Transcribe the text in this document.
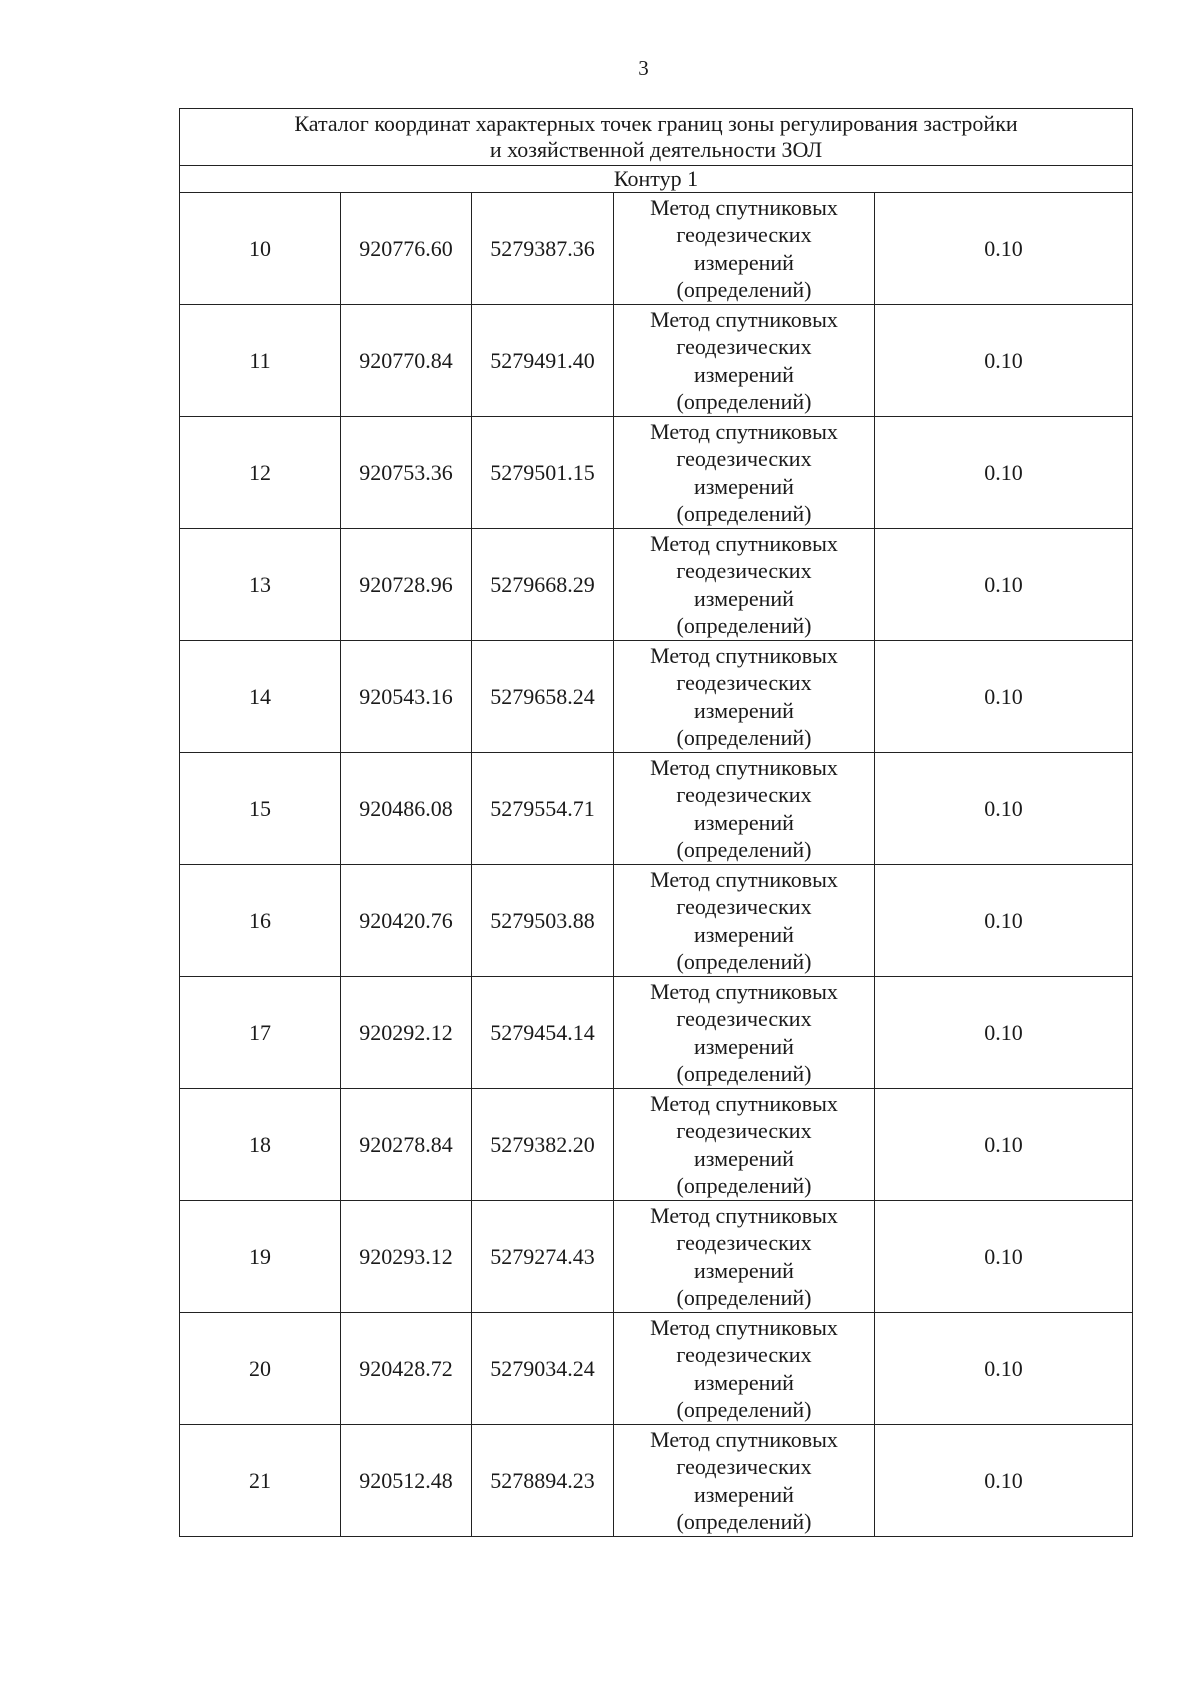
3
Каталог координат характерных точек границ зоны регулирования застройки
и хозяйственной деятельности ЗОЛ				

Контур 1				
10	920776.60	5279387.36	Метод спутниковых
геодезических
измерений
(определений)	0.10
11	920770.84	5279491.40	Метод спутниковых
геодезических
измерений
(определений)	0.10
12	920753.36	5279501.15	Метод спутниковых
геодезических
измерений
(определений)	0.10
13	920728.96	5279668.29	Метод спутниковых
геодезических
измерений
(определений)	0.10
14	920543.16	5279658.24	Метод спутниковых
геодезических
измерений
(определений)	0.10
15	920486.08	5279554.71	Метод спутниковых
геодезических
измерений
(определений)	0.10
16	920420.76	5279503.88	Метод спутниковых
геодезических
измерений
(определений)	0.10
17	920292.12	5279454.14	Метод спутниковых
геодезических
измерений
(определений)	0.10
18	920278.84	5279382.20	Метод спутниковых
геодезических
измерений
(определений)	0.10
19	920293.12	5279274.43	Метод спутниковых
геодезических
измерений
(определений)	0.10
20	920428.72	5279034.24	Метод спутниковых
геодезических
измерений
(определений)	0.10
21	920512.48	5278894.23	Метод спутниковых
геодезических
измерений
(определений)	0.10
